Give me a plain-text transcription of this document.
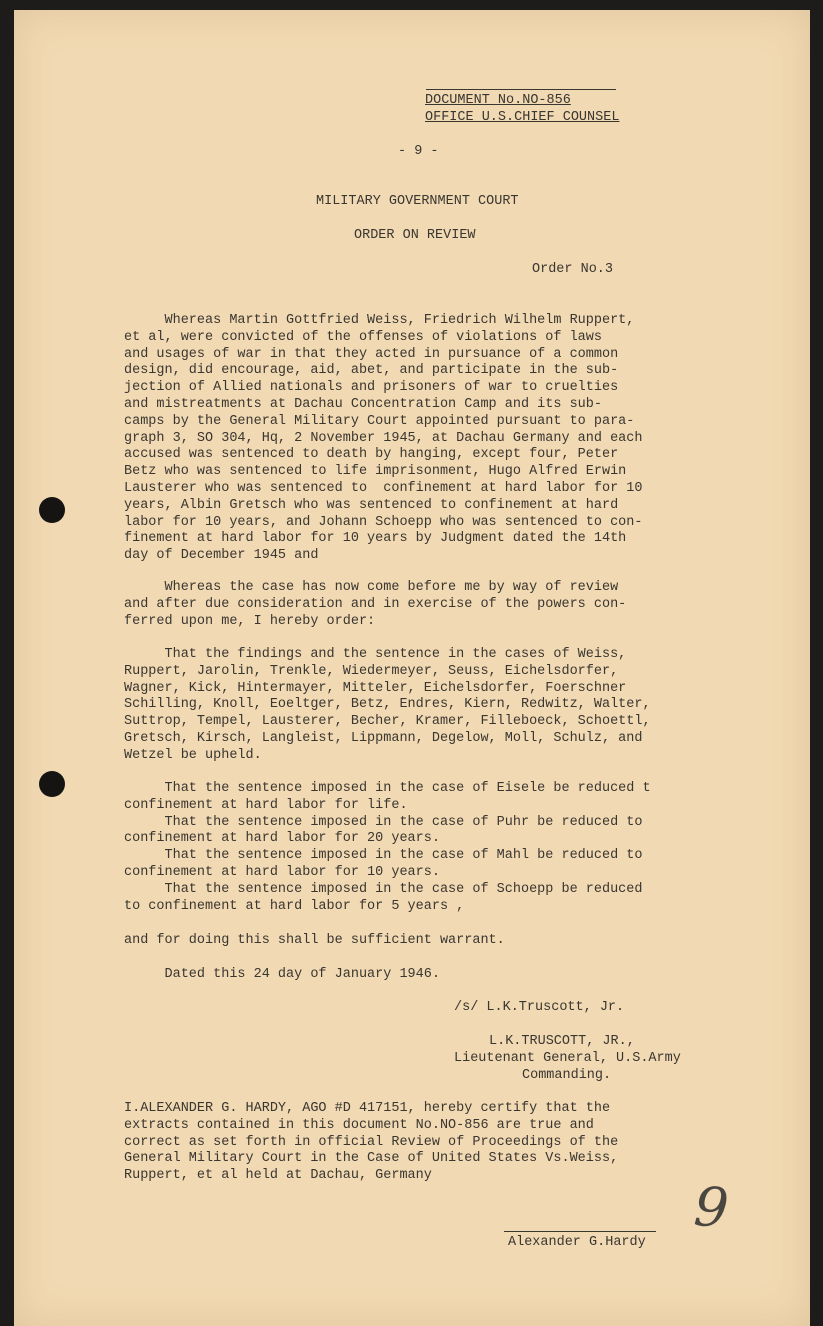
DOCUMENT No.NO-856
OFFICE U.S.CHIEF COUNSEL
- 9 -
MILITARY GOVERNMENT COURT
ORDER ON REVIEW
Order No.3
Whereas Martin Gottfried Weiss, Friedrich Wilhelm Ruppert,
et al, were convicted of the offenses of violations of laws
and usages of war in that they acted in pursuance of a common
design, did encourage, aid, abet, and participate in the sub-
jection of Allied nationals and prisoners of war to cruelties
and mistreatments at Dachau Concentration Camp and its sub-
camps by the General Military Court appointed pursuant to para-
graph 3, SO 304, Hq, 2 November 1945, at Dachau Germany and each
accused was sentenced to death by hanging, except four, Peter
Betz who was sentenced to life imprisonment, Hugo Alfred Erwin
Lausterer who was sentenced to  confinement at hard labor for 10
years, Albin Gretsch who was sentenced to confinement at hard
labor for 10 years, and Johann Schoepp who was sentenced to con-
finement at hard labor for 10 years by Judgment dated the 14th
day of December 1945 and
Whereas the case has now come before me by way of review
and after due consideration and in exercise of the powers con-
ferred upon me, I hereby order:
That the findings and the sentence in the cases of Weiss,
Ruppert, Jarolin, Trenkle, Wiedermeyer, Seuss, Eichelsdorfer,
Wagner, Kick, Hintermayer, Mitteler, Eichelsdorfer, Foerschner
Schilling, Knoll, Eoeltger, Betz, Endres, Kiern, Redwitz, Walter,
Suttrop, Tempel, Lausterer, Becher, Kramer, Filleboeck, Schoettl,
Gretsch, Kirsch, Langleist, Lippmann, Degelow, Moll, Schulz, and
Wetzel be upheld.
That the sentence imposed in the case of Eisele be reduced t
confinement at hard labor for life.
That the sentence imposed in the case of Puhr be reduced to
confinement at hard labor for 20 years.
That the sentence imposed in the case of Mahl be reduced to
confinement at hard labor for 10 years.
That the sentence imposed in the case of Schoepp be reduced
to confinement at hard labor for 5 years ,
and for doing this shall be sufficient warrant.
Dated this 24 day of January 1946.
/s/ L.K.Truscott, Jr.
L.K.TRUSCOTT, JR.,
Lieutenant General, U.S.Army
Commanding.
I.ALEXANDER G. HARDY, AGO #D 417151, hereby certify that the
extracts contained in this document No.NO-856 are true and
correct as set forth in official Review of Proceedings of the
General Military Court in the Case of United States Vs.Weiss,
Ruppert, et al held at Dachau, Germany
Alexander G.Hardy
9
